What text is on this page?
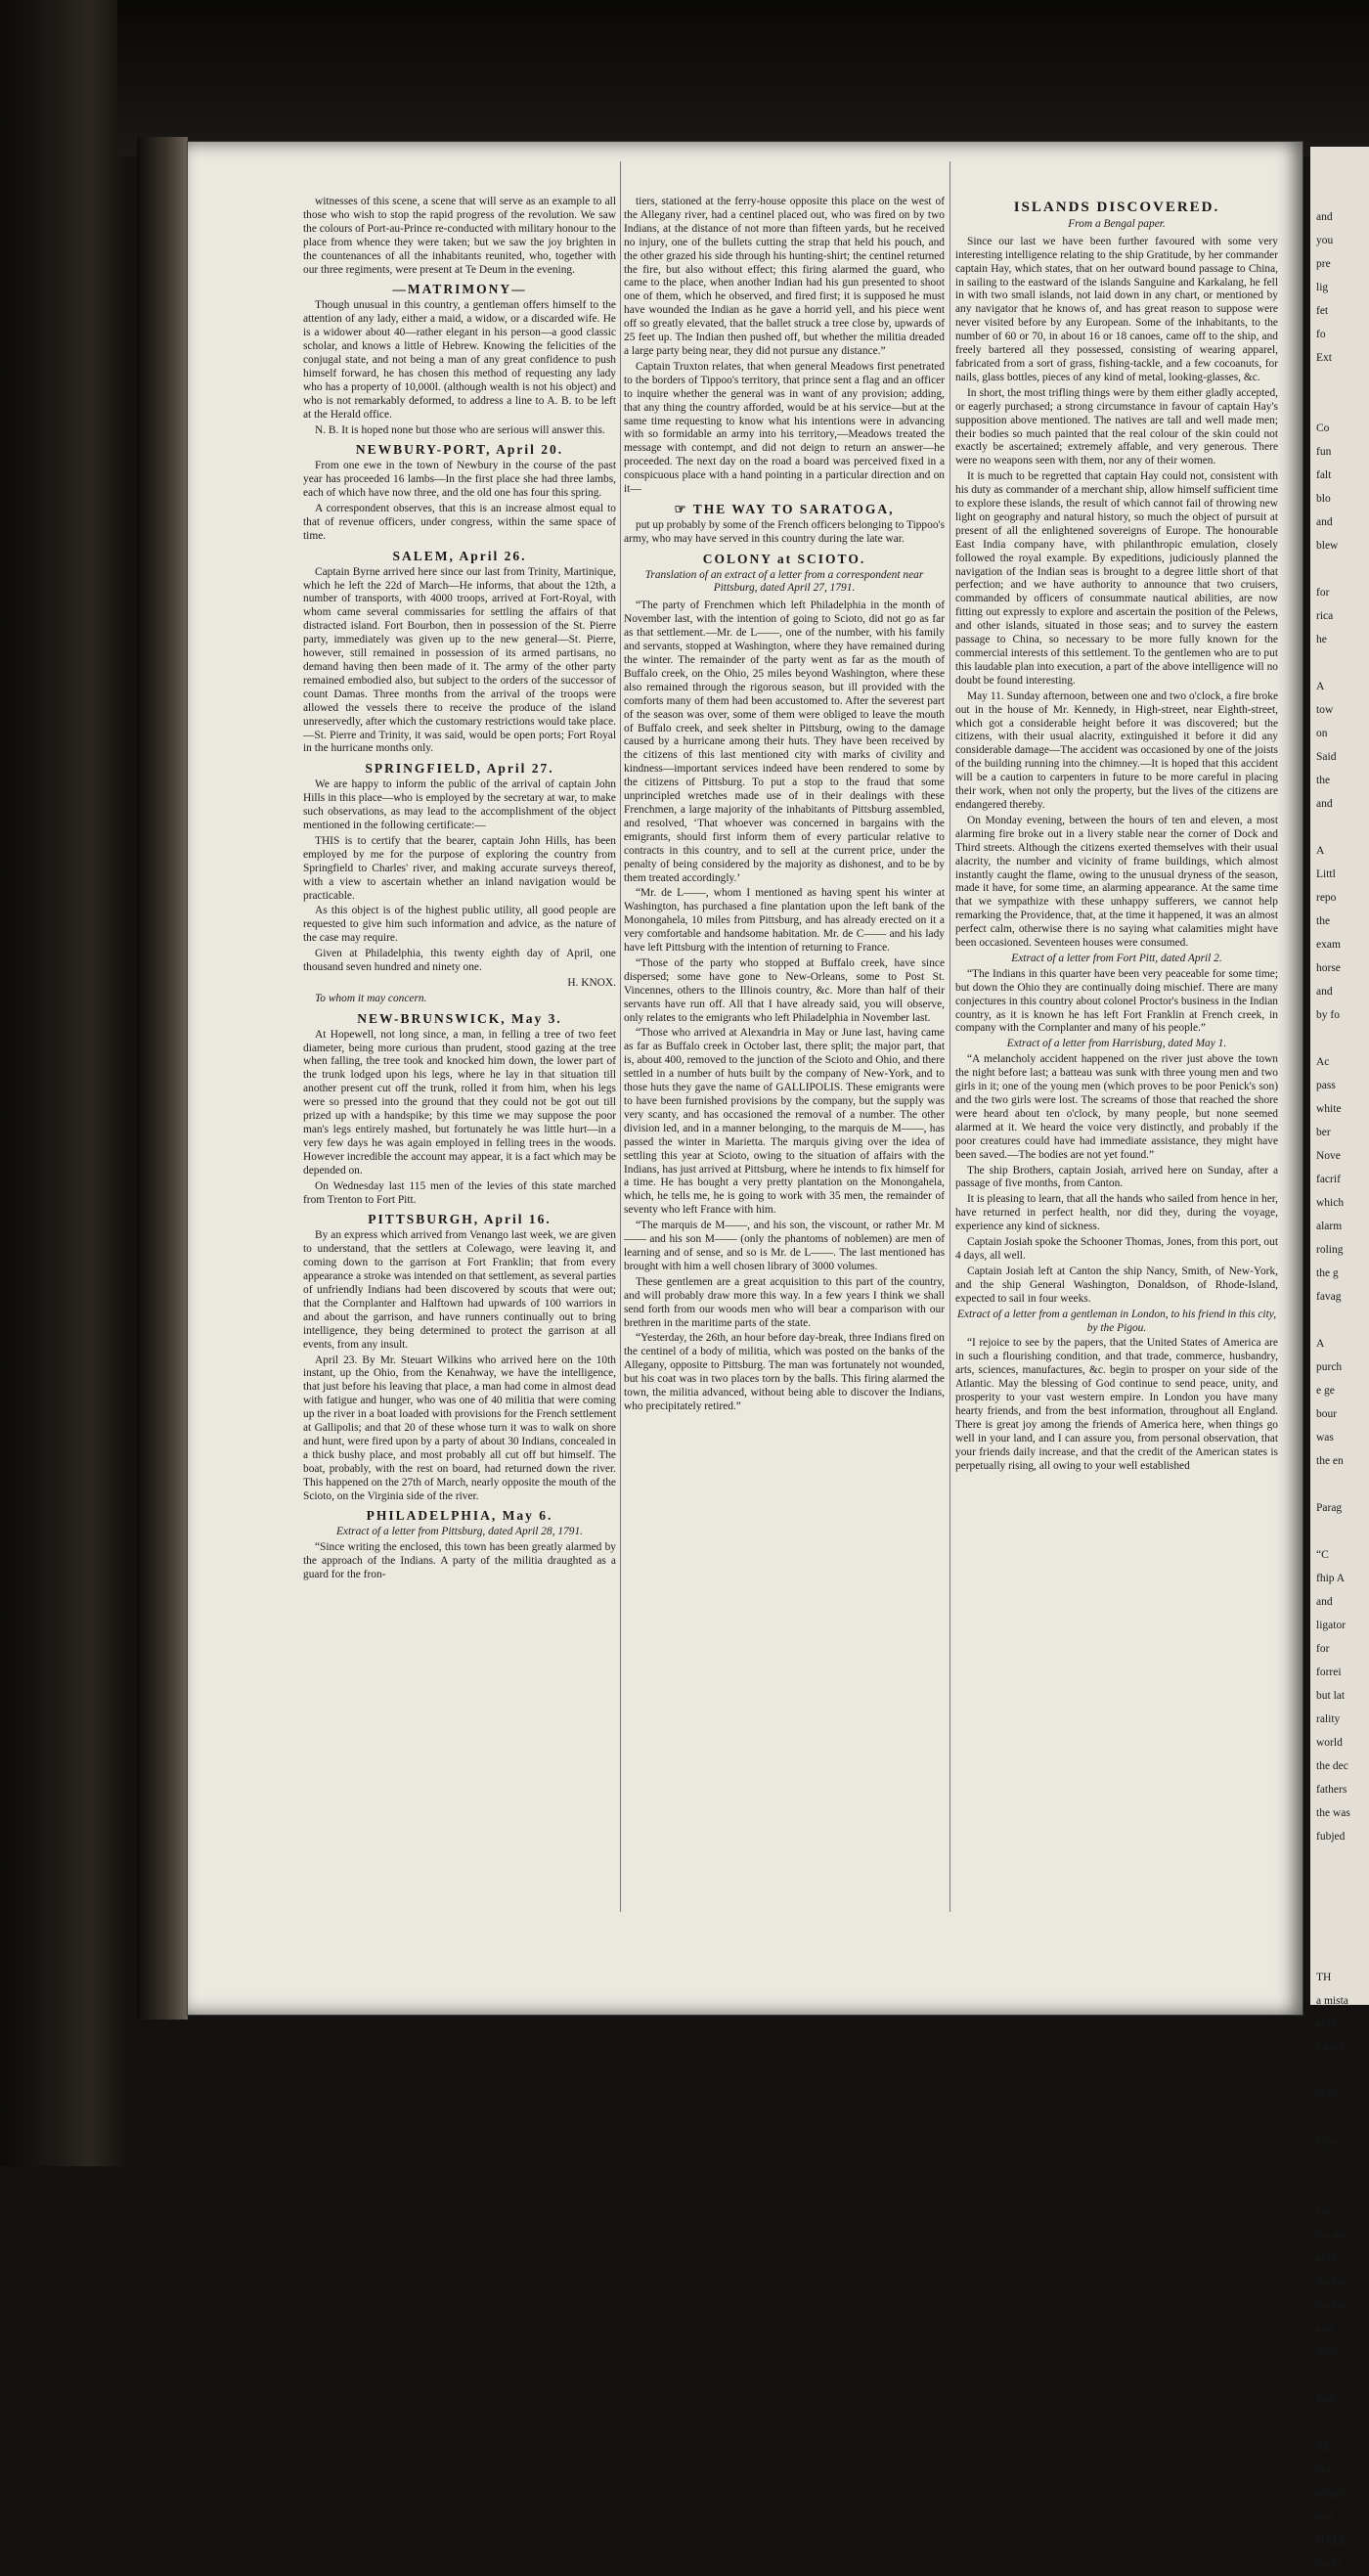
witnesses of this scene, a scene that will serve as an example to all those who wish to stop the rapid progress of the revolution. We saw the colours of Port-au-Prince re-conducted with military honour to the place from whence they were taken; but we saw the joy brighten in the countenances of all the inhabitants reunited, who, together with our three regiments, were present at Te Deum in the evening.

—MATRIMONY—

Though unusual in this country, a gentleman offers himself to the attention of any lady, either a maid, a widow, or a discarded wife. He is a widower about 40—rather elegant in his person—a good classic scholar, and knows a little of Hebrew. Knowing the felicities of the conjugal state, and not being a man of any great confidence to push himself forward, he has chosen this method of requesting any lady who has a property of 10,000l. (although wealth is not his object) and who is not remarkably deformed, to address a line to A. B. to be left at the Herald office.

N. B. It is hoped none but those who are serious will answer this.

NEWBURY-PORT, April 20.

From one ewe in the town of Newbury in the course of the past year has proceeded 16 lambs—In the first place she had three lambs, each of which have now three, and the old one has four this spring.

A correspondent observes, that this is an increase almost equal to that of revenue officers, under congress, within the same space of time.

SALEM, April 26.

Captain Byrne arrived here since our last from Trinity, Martinique, which he left the 22d of March—He informs, that about the 12th, a number of transports, with 4000 troops, arrived at Fort-Royal, with whom came several commissaries for settling the affairs of that distracted island. Fort Bourbon, then in possession of the St. Pierre party, immediately was given up to the new general—St. Pierre, however, still remained in possession of its armed partisans, no demand having then been made of it. The army of the other party remained embodied also, but subject to the orders of the successor of count Damas. Three months from the arrival of the troops were allowed the vessels there to receive the produce of the island unreservedly, after which the customary restrictions would take place.—St. Pierre and Trinity, it was said, would be open ports; Fort Royal in the hurricane months only.

SPRINGFIELD, April 27.

We are happy to inform the public of the arrival of captain John Hills in this place—who is employed by the secretary at war, to make such observations, as may lead to the accomplishment of the object mentioned in the following certificate:—

THIS is to certify that the bearer, captain John Hills, has been employed by me for the purpose of exploring the country from Springfield to Charles' river, and making accurate surveys thereof, with a view to ascertain whether an inland navigation would be practicable.

As this object is of the highest public utility, all good people are requested to give him such information and advice, as the nature of the case may require.

Given at Philadelphia, this twenty eighth day of April, one thousand seven hundred and ninety one.

H. KNOX.

To whom it may concern.

NEW-BRUNSWICK, May 3.

At Hopewell, not long since, a man, in felling a tree of two feet diameter, being more curious than prudent, stood gazing at the tree when falling, the tree took and knocked him down, the lower part of the trunk lodged upon his legs, where he lay in that situation till another present cut off the trunk, rolled it from him, when his legs were so pressed into the ground that they could not be got out till prized up with a handspike; by this time we may suppose the poor man's legs entirely mashed, but fortunately he was little hurt—in a very few days he was again employed in felling trees in the woods. However incredible the account may appear, it is a fact which may be depended on.

On Wednesday last 115 men of the levies of this state marched from Trenton to Fort Pitt.

PITTSBURGH, April 16.

By an express which arrived from Venango last week, we are given to understand, that the settlers at Colewago, were leaving it, and coming down to the garrison at Fort Franklin; that from every appearance a stroke was intended on that settlement, as several parties of unfriendly Indians had been discovered by scouts that were out; that the Cornplanter and Halftown had upwards of 100 warriors in and about the garrison, and have runners continually out to bring intelligence, they being determined to protect the garrison at all events, from any insult.

April 23. By Mr. Steuart Wilkins who arrived here on the 10th instant, up the Ohio, from the Kenahway, we have the intelligence, that just before his leaving that place, a man had come in almost dead with fatigue and hunger, who was one of 40 militia that were coming up the river in a boat loaded with provisions for the French settlement at Gallipolis; and that 20 of these whose turn it was to walk on shore and hunt, were fired upon by a party of about 30 Indians, concealed in a thick bushy place, and most probably all cut off but himself. The boat, probably, with the rest on board, had returned down the river. This happened on the 27th of March, nearly opposite the mouth of the Scioto, on the Virginia side of the river.

PHILADELPHIA, May 6.

Extract of a letter from Pittsburg, dated April 28, 1791.

“Since writing the enclosed, this town has been greatly alarmed by the approach of the Indians. A party of the militia draughted as a guard for the fron-

tiers, stationed at the ferry-house opposite this place on the west of the Allegany river, had a centinel placed out, who was fired on by two Indians, at the distance of not more than fifteen yards, but he received no injury, one of the bullets cutting the strap that held his pouch, and the other grazed his side through his hunting-shirt; the centinel returned the fire, but also without effect; this firing alarmed the guard, who came to the place, when another Indian had his gun presented to shoot one of them, which he observed, and fired first; it is supposed he must have wounded the Indian as he gave a horrid yell, and his piece went off so greatly elevated, that the ballet struck a tree close by, upwards of 25 feet up. The Indian then pushed off, but whether the militia dreaded a large party being near, they did not pursue any distance.”

Captain Truxton relates, that when general Meadows first penetrated to the borders of Tippoo's territory, that prince sent a flag and an officer to inquire whether the general was in want of any provision; adding, that any thing the country afforded, would be at his service—but at the same time requesting to know what his intentions were in advancing with so formidable an army into his territory,—Meadows treated the message with contempt, and did not deign to return an answer—he proceeded. The next day on the road a board was perceived fixed in a conspicuous place with a hand pointing in a particular direction and on it—

☞ THE WAY TO SARATOGA,

put up probably by some of the French officers belonging to Tippoo's army, who may have served in this country during the late war.

COLONY at SCIOTO.

Translation of an extract of a letter from a correspondent near Pittsburg, dated April 27, 1791.

“The party of Frenchmen which left Philadelphia in the month of November last, with the intention of going to Scioto, did not go as far as that settlement.—Mr. de L——, one of the number, with his family and servants, stopped at Washington, where they have remained during the winter. The remainder of the party went as far as the mouth of Buffalo creek, on the Ohio, 25 miles beyond Washington, where these also remained through the rigorous season, but ill provided with the comforts many of them had been accustomed to. After the severest part of the season was over, some of them were obliged to leave the mouth of Buffalo creek, and seek shelter in Pittsburg, owing to the damage caused by a hurricane among their huts. They have been received by the citizens of this last mentioned city with marks of civility and kindness—important services indeed have been rendered to some by the citizens of Pittsburg. To put a stop to the fraud that some unprincipled wretches made use of in their dealings with these Frenchmen, a large majority of the inhabitants of Pittsburg assembled, and resolved, ‘That whoever was concerned in bargains with the emigrants, should first inform them of every particular relative to contracts in this country, and to sell at the current price, under the penalty of being considered by the majority as dishonest, and to be by them treated accordingly.’

“Mr. de L——, whom I mentioned as having spent his winter at Washington, has purchased a fine plantation upon the left bank of the Monongahela, 10 miles from Pittsburg, and has already erected on it a very comfortable and handsome habitation. Mr. de C—— and his lady have left Pittsburg with the intention of returning to France.

“Those of the party who stopped at Buffalo creek, have since dispersed; some have gone to New-Orleans, some to Post St. Vincennes, others to the Illinois country, &c. More than half of their servants have run off. All that I have already said, you will observe, only relates to the emigrants who left Philadelphia in November last.

“Those who arrived at Alexandria in May or June last, having came as far as Buffalo creek in October last, there split; the major part, that is, about 400, removed to the junction of the Scioto and Ohio, and there settled in a number of huts built by the company of New-York, and to those huts they gave the name of GALLIPOLIS. These emigrants were to have been furnished provisions by the company, but the supply was very scanty, and has occasioned the removal of a number. The other division led, and in a manner belonging, to the marquis de M——, has passed the winter in Marietta. The marquis giving over the idea of settling this year at Scioto, owing to the situation of affairs with the Indians, has just arrived at Pittsburg, where he intends to fix himself for a time. He has bought a very pretty plantation on the Monongahela, which, he tells me, he is going to work with 35 men, the remainder of seventy who left France with him.

“The marquis de M——, and his son, the viscount, or rather Mr. M—— and his son M—— (only the phantoms of noblemen) are men of learning and of sense, and so is Mr. de L——. The last mentioned has brought with him a well chosen library of 3000 volumes.

These gentlemen are a great acquisition to this part of the country, and will probably draw more this way. In a few years I think we shall send forth from our woods men who will bear a comparison with our brethren in the maritime parts of the state.

“Yesterday, the 26th, an hour before day-break, three Indians fired on the centinel of a body of militia, which was posted on the banks of the Allegany, opposite to Pittsburg. The man was fortunately not wounded, but his coat was in two places torn by the balls. This firing alarmed the town, the militia advanced, without being able to discover the Indians, who precipitately retired.”

ISLANDS DISCOVERED.

From a Bengal paper.

Since our last we have been further favoured with some very interesting intelligence relating to the ship Gratitude, by her commander captain Hay, which states, that on her outward bound passage to China, in sailing to the eastward of the islands Sanguine and Karkalang, he fell in with two small islands, not laid down in any chart, or mentioned by any navigator that he knows of, and has great reason to suppose were never visited before by any European. Some of the inhabitants, to the number of 60 or 70, in about 16 or 18 canoes, came off to the ship, and freely bartered all they possessed, consisting of wearing apparel, fabricated from a sort of grass, fishing-tackle, and a few cocoanuts, for nails, glass bottles, pieces of any kind of metal, looking-glasses, &c.

In short, the most trifling things were by them either gladly accepted, or eagerly purchased; a strong circumstance in favour of captain Hay's supposition above mentioned. The natives are tall and well made men; their bodies so much painted that the real colour of the skin could not exactly be ascertained; extremely affable, and very generous. There were no weapons seen with them, nor any of their women.

It is much to be regretted that captain Hay could not, consistent with his duty as commander of a merchant ship, allow himself sufficient time to explore these islands, the result of which cannot fail of throwing new light on geography and natural history, so much the object of pursuit at present of all the enlightened sovereigns of Europe. The honourable East India company have, with philanthropic emulation, closely followed the royal example. By expeditions, judiciously planned the navigation of the Indian seas is brought to a degree little short of that perfection; and we have authority to announce that two cruisers, commanded by officers of consummate nautical abilities, are now fitting out expressly to explore and ascertain the position of the Pelews, and other islands, situated in those seas; and to survey the eastern passage to China, so necessary to be more fully known for the commercial interests of this settlement. To the gentlemen who are to put this laudable plan into execution, a part of the above intelligence will no doubt be found interesting.

May 11. Sunday afternoon, between one and two o'clock, a fire broke out in the house of Mr. Kennedy, in High-street, near Eighth-street, which got a considerable height before it was discovered; but the citizens, with their usual alacrity, extinguished it before it did any considerable damage—The accident was occasioned by one of the joists of the building running into the chimney.—It is hoped that this accident will be a caution to carpenters in future to be more careful in placing their work, when not only the property, but the lives of the citizens are endangered thereby.

On Monday evening, between the hours of ten and eleven, a most alarming fire broke out in a livery stable near the corner of Dock and Third streets. Although the citizens exerted themselves with their usual alacrity, the number and vicinity of frame buildings, which almost instantly caught the flame, owing to the unusual dryness of the season, made it have, for some time, an alarming appearance. At the same time that we sympathize with these unhappy sufferers, we cannot help remarking the Providence, that, at the time it happened, it was an almost perfect calm, otherwise there is no saying what calamities might have been occasioned. Seventeen houses were consumed.

Extract of a letter from Fort Pitt, dated April 2.

“The Indians in this quarter have been very peaceable for some time; but down the Ohio they are continually doing mischief. There are many conjectures in this country about colonel Proctor's business in the Indian country, as it is known he has left Fort Franklin at French creek, in company with the Cornplanter and many of his people.”

Extract of a letter from Harrisburg, dated May 1.

“A melancholy accident happened on the river just above the town the night before last; a batteau was sunk with three young men and two girls in it; one of the young men (which proves to be poor Penick's son) and the two girls were lost. The screams of those that reached the shore were heard about ten o'clock, by many people, but none seemed alarmed at it. We heard the voice very distinctly, and probably if the poor creatures could have had immediate assistance, they might have been saved.—The bodies are not yet found.”

The ship Brothers, captain Josiah, arrived here on Sunday, after a passage of five months, from Canton.

It is pleasing to learn, that all the hands who sailed from hence in her, have returned in perfect health, nor did they, during the voyage, experience any kind of sickness.

Captain Josiah spoke the Schooner Thomas, Jones, from this port, out 4 days, all well.

Captain Josiah left at Canton the ship Nancy, Smith, of New-York, and the ship General Washington, Donaldson, of Rhode-Island, expected to sail in four weeks.

Extract of a letter from a gentleman in London, to his friend in this city, by the Pigou.

“I rejoice to see by the papers, that the United States of America are in such a flourishing condition, and that trade, commerce, husbandry, arts, sciences, manufactures, &c. begin to prosper on your side of the Atlantic. May the blessing of God continue to send peace, unity, and prosperity to your vast western empire. In London you have many hearty friends, and from the best information, throughout all England. There is great joy among the friends of America here, when things go well in your land, and I can assure you, from personal observation, that your friends daily increase, and that the credit of the American states is perpetually rising, all owing to your well established

and
you
pre
lig
fet
fo
Ext

Co
fun
falt
blo
and
blew

for
rica
he

A
tow
on
Said
the
and

A
Littl
repo
the
exam
horse
and
by fo

Ac
pass
white
ber
Nove
facrif
which
alarm
roling
the g
favag

A
purch
e ge
bour
was
the en

Parag

“C
fhip A
and
ligator
for
forrei
but lat
rality
world
the dec
fathers
the was
fubjed

TH
a mista
to th
for rel

in fa

May

OR
the abr
to th
declare
the fan
and
diftri

Jam

AL
in e
refpect
was
HALL
the fa
